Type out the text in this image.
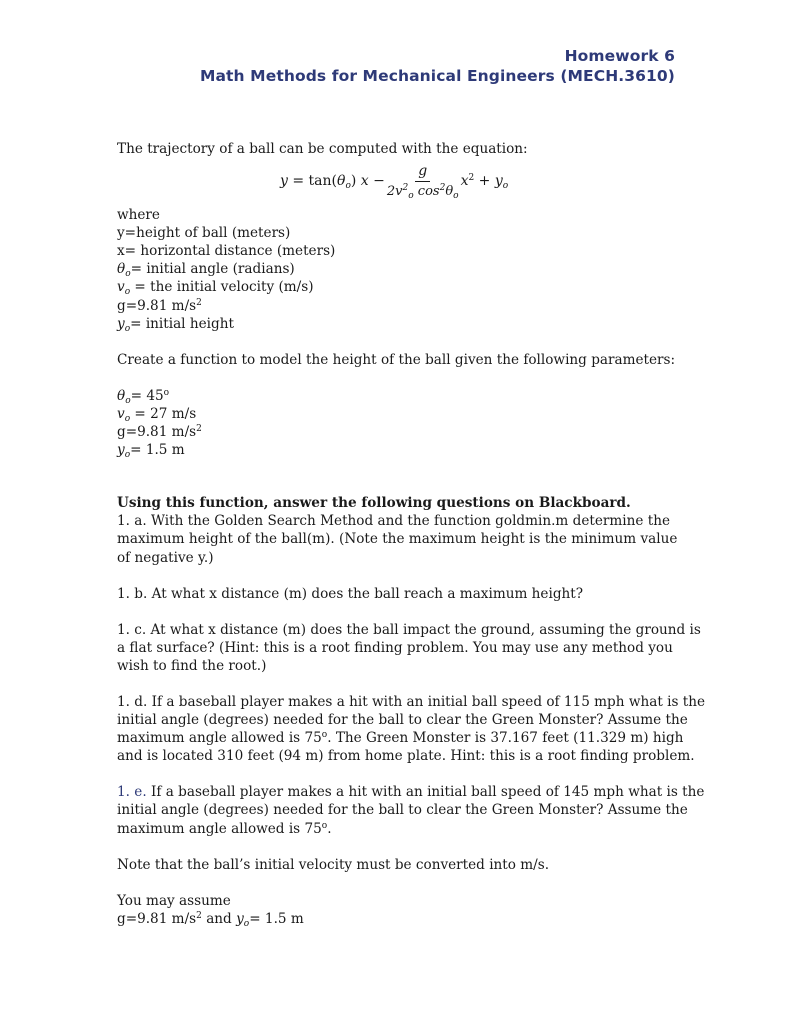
Homework 6
Math Methods for Mechanical Engineers (MECH.3610)

The trajectory of a ball can be computed with the equation:

$y = \tan(\theta_o) x - \frac{g}{2v^2_o \cos^2\theta_o} x^2 + y_o$

where

y=height of ball (meters)

x= horizontal distance (meters)

$\theta_o=$ initial angle (radians)

$v_o$ = the initial velocity (m/s)

g=9.81 $m/s^2$

$y_o=$ initial height

Create a function to model the height of the ball given the following parameters:

$\theta_o= 45^o$

$v_o = 27$ m/s

g=9.81 $m/s^2$

$y_o= 1.5$ m

Using this function, answer the following questions on Blackboard.

1. a. With the Golden Search Method and the function goldmin.m determine the

maximum height of the ball(m). (Note the maximum height is the minimum value

of negative y.)

1. b. At what x distance (m) does the ball reach a maximum height?

1. c. At what x distance (m) does the ball impact the ground, assuming the ground is

a flat surface? (Hint: this is a root finding problem. You may use any method you

wish to find the root.)

1. d. If a baseball player makes a hit with an initial ball speed of 115 mph what is the

initial angle (degrees) needed for the ball to clear the Green Monster? Assume the

maximum angle allowed is 75$^o$. The Green Monster is 37.167 feet (11.329 m) high

and is located 310 feet (94 m) from home plate. Hint: this is a root finding problem.

1. e. If a baseball player makes a hit with an initial ball speed of 145 mph what is the

initial angle (degrees) needed for the ball to clear the Green Monster? Assume the

maximum angle allowed is 75$^o$.

Note that the ball’s initial velocity must be converted into m/s.

You may assume

g=9.81 $m/s^2$ and $y_o= 1.5$ m
